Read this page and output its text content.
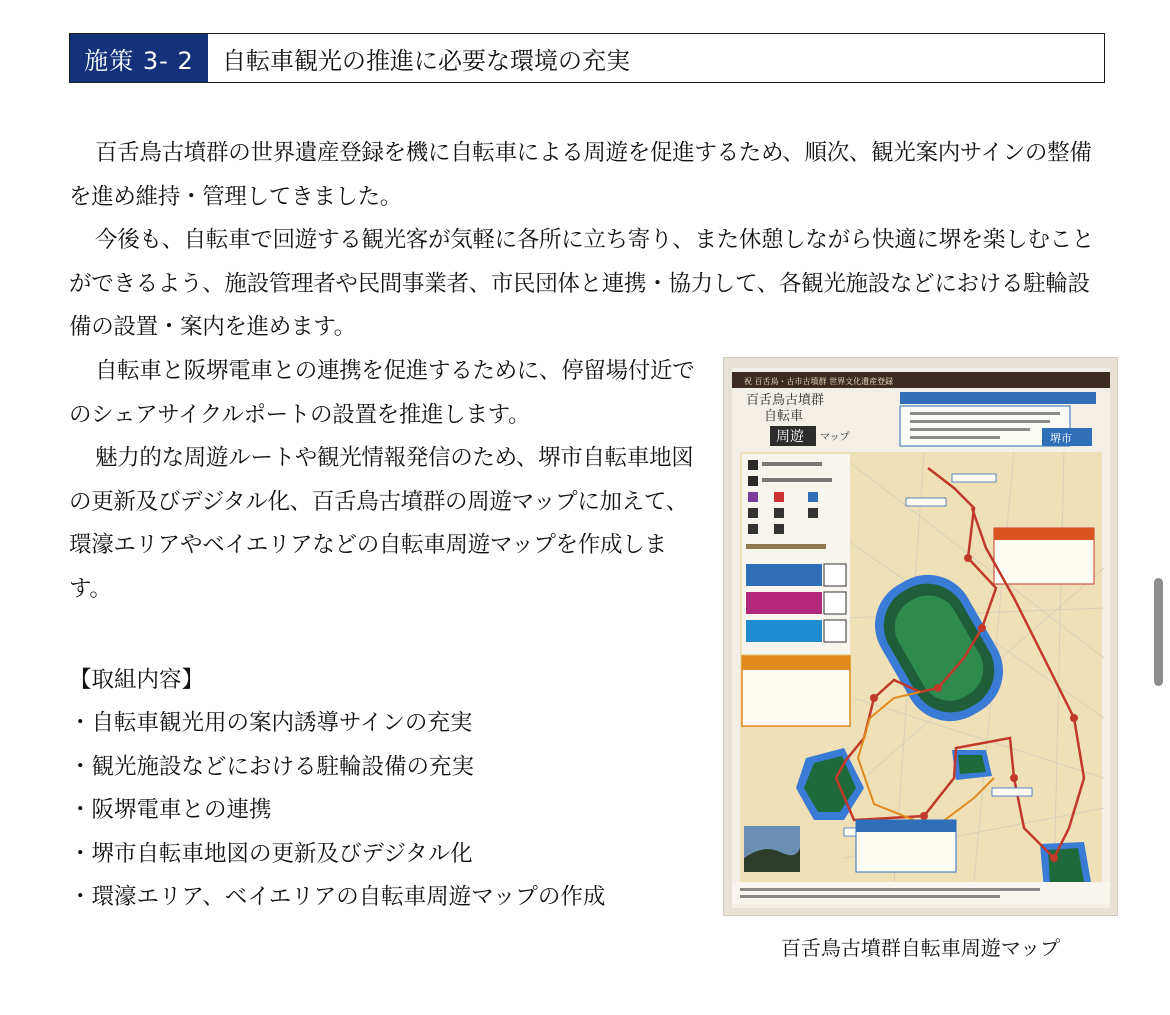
施策 3- 2	自転車観光の推進に必要な環境の充実

百舌鳥古墳群の世界遺産登録を機に自転車による周遊を促進するため、順次、観光案内サインの整備を進め維持・管理してきました。

今後も、自転車で回遊する観光客が気軽に各所に立ち寄り、また休憩しながら快適に堺を楽しむことができるよう、施設管理者や民間事業者、市民団体と連携・協力して、各観光施設などにおける駐輪設備の設置・案内を進めます。

自転車と阪堺電車との連携を促進するために、停留場付近でのシェアサイクルポートの設置を推進します。

魅力的な周遊ルートや観光情報発信のため、堺市自転車地図の更新及びデジタル化、百舌鳥古墳群の周遊マップに加えて、環濠エリアやベイエリアなどの自転車周遊マップを作成します。

【取組内容】
・自転車観光用の案内誘導サインの充実
・観光施設などにおける駐輪設備の充実
・阪堺電車との連携
・堺市自転車地図の更新及びデジタル化
・環濠エリア、ベイエリアの自転車周遊マップの作成
祝 百舌鳥・古市古墳群 世界文化遺産登録
百舌鳥古墳群
自転車
周遊 マップ	堺市
百舌鳥古墳群自転車周遊マップ
